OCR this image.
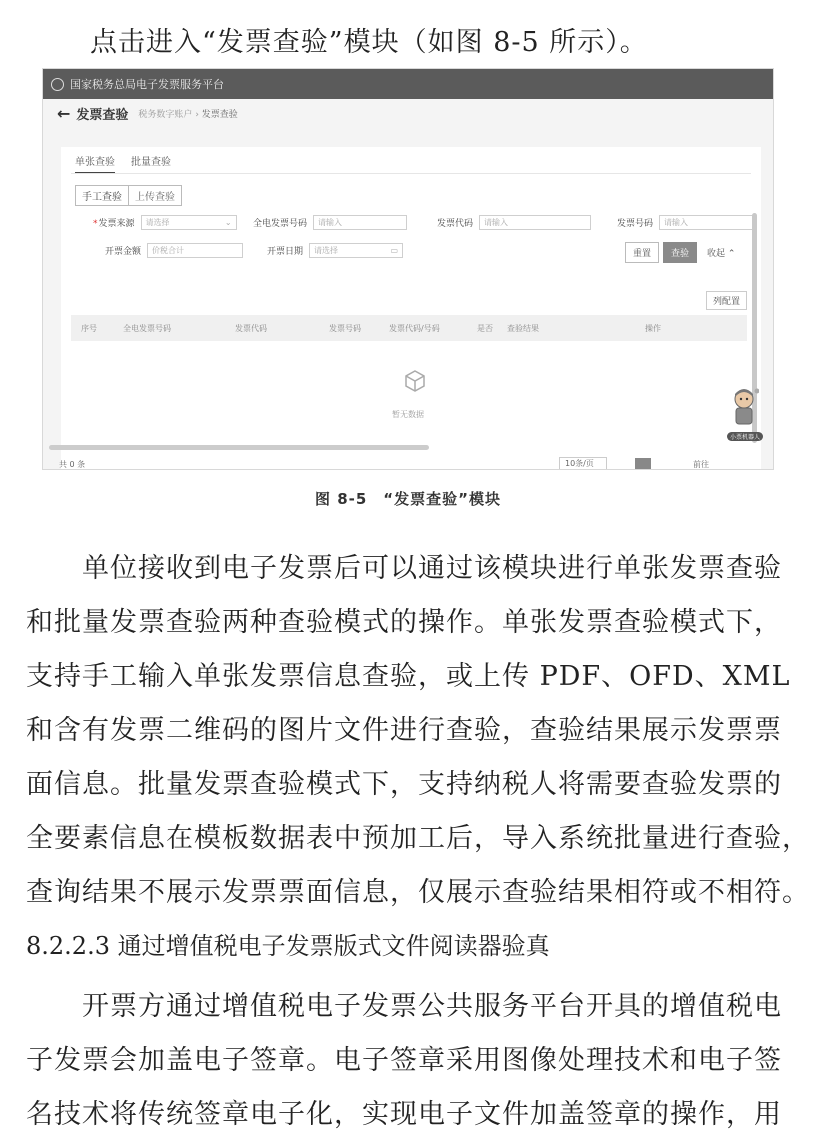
点击进入“发票查验”模块（如图 8-5 所示）。

国家税务总局电子发票服务平台
← 发票查验 税务数字账户 › 发票查验
单张查验 批量查验
手工查验	上传查验
*发票来源 请选择	⌄ 全电发票号码 请输入	发票代码 请输入	发票号码 请输入
开票金额 价税合计	开票日期 请选择	▭	重置	查验	收起 ⌃
列配置
序号	全电发票号码	发票代码	发票号码	发票代码/号码	是否 查验结果	操作
暂无数据
共 0 条	10条/页	前往
小票机器人
图 8-5　“发票查验”模块
单位接收到电子发票后可以通过该模块进行单张发票查验
和批量发票查验两种查验模式的操作。单张发票查验模式下，
支持手工输入单张发票信息查验，或上传 PDF、OFD、XML
和含有发票二维码的图片文件进行查验，查验结果展示发票票
面信息。批量发票查验模式下，支持纳税人将需要查验发票的
全要素信息在模板数据表中预加工后，导入系统批量进行查验，
查询结果不展示发票票面信息，仅展示查验结果相符或不相符。
8.2.2.3 通过增值税电子发票版式文件阅读器验真
开票方通过增值税电子发票公共服务平台开具的增值税电
子发票会加盖电子签章。电子签章采用图像处理技术和电子签
名技术将传统签章电子化，实现电子文件加盖签章的操作，用
